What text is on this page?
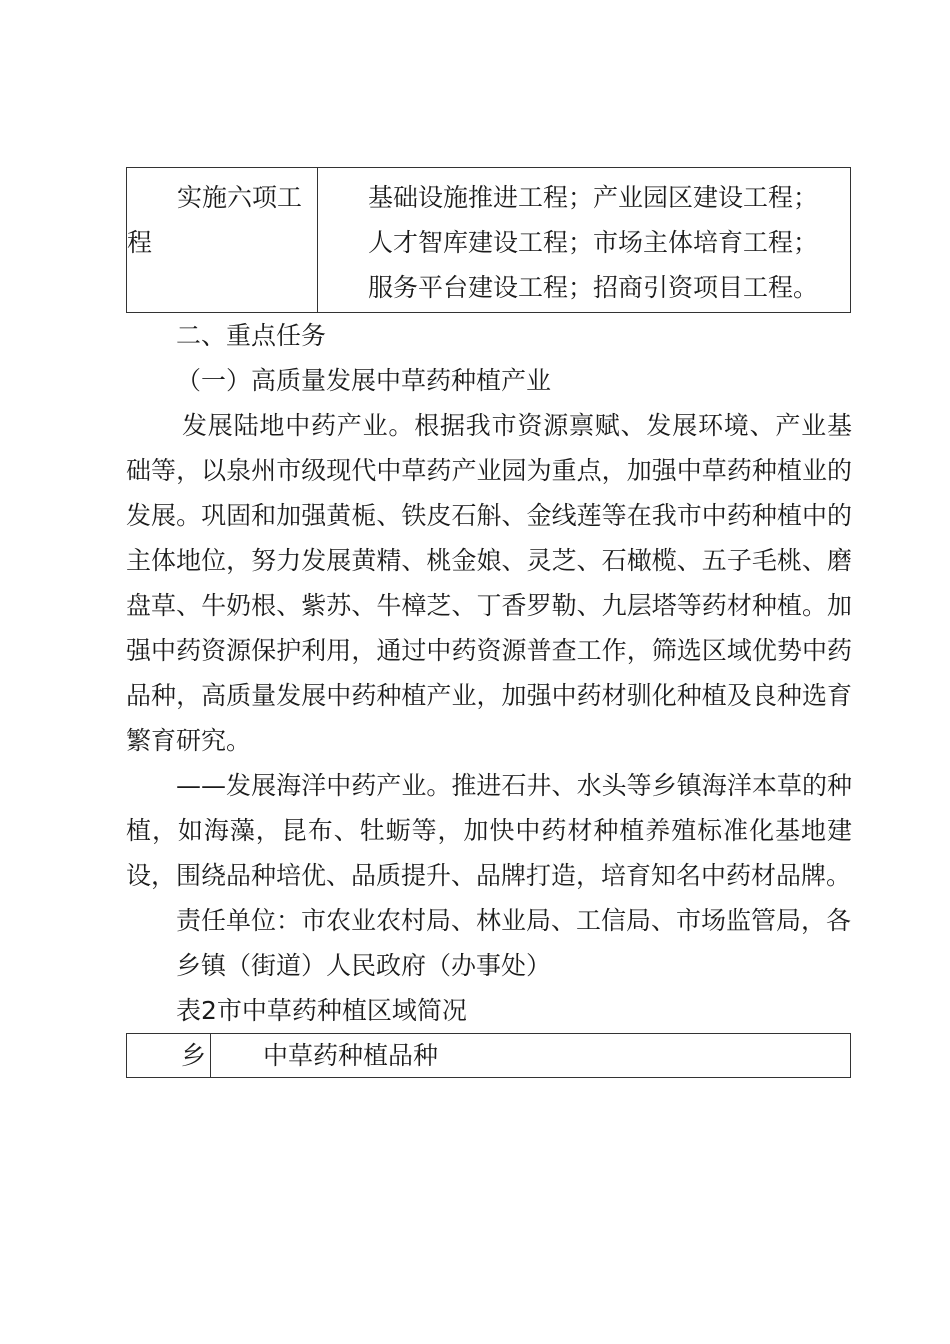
实施六项工程

基础设施推进工程；产业园区建设工程；
人才智库建设工程；市场主体培育工程；
服务平台建设工程；招商引资项目工程。

二、重点任务

（一）高质量发展中草药种植产业

发展陆地中药产业。根据我市资源禀赋、发展环境、产业基础等，以泉州市级现代中草药产业园为重点，加强中草药种植业的发展。巩固和加强黄栀、铁皮石斛、金线莲等在我市中药种植中的主体地位，努力发展黄精、桃金娘、灵芝、石橄榄、五子毛桃、磨盘草、牛奶根、紫苏、牛樟芝、丁香罗勒、九层塔等药材种植。加强中药资源保护利用，通过中药资源普查工作，筛选区域优势中药品种，高质量发展中药种植产业，加强中药材驯化种植及良种选育繁育研究。

——发展海洋中药产业。推进石井、水头等乡镇海洋本草的种植，如海藻，昆布、牡蛎等，加快中药材种植养殖标准化基地建设，围绕品种培优、品质提升、品牌打造，培育知名中药材品牌。

责任单位：市农业农村局、林业局、工信局、市场监管局，各

乡镇（街道）人民政府（办事处）

表2市中草药种植区域简况

乡	中草药种植品种
